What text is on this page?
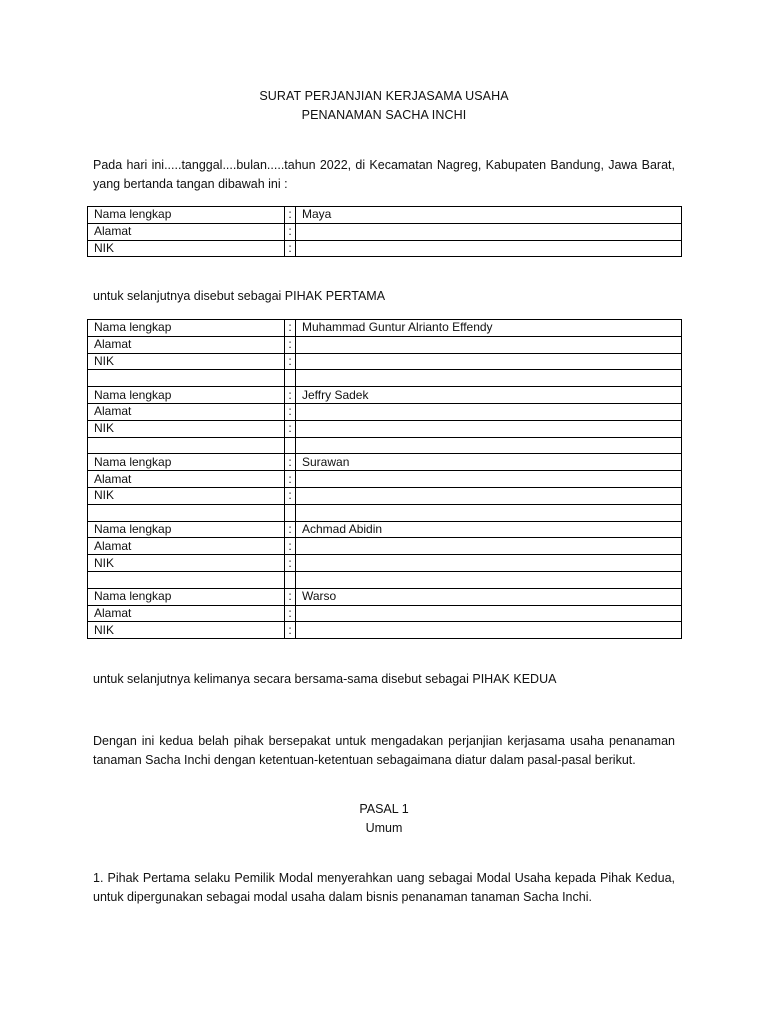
SURAT PERJANJIAN KERJASAMA USAHA
PENANAMAN SACHA INCHI
Pada hari ini.....tanggal....bulan.....tahun 2022, di Kecamatan Nagreg, Kabupaten Bandung, Jawa Barat, yang bertanda tangan dibawah ini :
Nama lengkap	:	Maya
Alamat	:	
NIK	:	
untuk selanjutnya disebut sebagai PIHAK PERTAMA
Nama lengkap	:	Muhammad Guntur Alrianto Effendy
Alamat	:	
NIK	:	

Nama lengkap	:	Jeffry Sadek
Alamat	:	
NIK	:	

Nama lengkap	:	Surawan
Alamat	:	
NIK	:	

Nama lengkap	:	Achmad Abidin
Alamat	:	
NIK	:	

Nama lengkap	:	Warso
Alamat	:	
NIK	:	
untuk selanjutnya kelimanya secara bersama-sama disebut sebagai PIHAK KEDUA
Dengan ini kedua belah pihak bersepakat untuk mengadakan perjanjian kerjasama usaha penanaman tanaman Sacha Inchi dengan ketentuan-ketentuan sebagaimana diatur dalam pasal-pasal berikut.
PASAL 1
Umum
1. Pihak Pertama selaku Pemilik Modal menyerahkan uang sebagai Modal Usaha kepada Pihak Kedua, untuk dipergunakan sebagai modal usaha dalam bisnis penanaman tanaman Sacha Inchi.
